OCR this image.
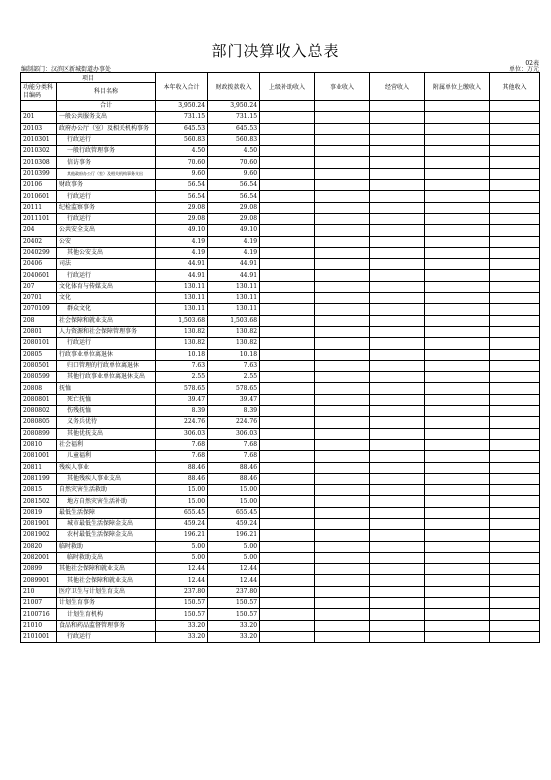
部门决算收入总表
02表
编制部门：汉滨区新城街道办事处	单位：万元
项目		本年收入合计	财政拨款收入	上级补助收入	事业收入	经营收入	附属单位上缴收入	其他收入
功能分类科目编码	科目名称							
	合计	3,950.24	3,950.24					
201	一般公共服务支出	731.15	731.15					
20103	政府办公厅（室）及相关机构事务	645.53	645.53					
2010301	行政运行	560.83	560.83					
2010302	一般行政管理事务	4.50	4.50					
2010308	信访事务	70.60	70.60					
2010399	其他政府办公厅（室）及相关机构事务支出	9.60	9.60					
20106	财政事务	56.54	56.54					
2010601	行政运行	56.54	56.54					
20111	纪检监察事务	29.08	29.08					
2011101	行政运行	29.08	29.08					
204	公共安全支出	49.10	49.10					
20402	公安	4.19	4.19					
2040299	其他公安支出	4.19	4.19					
20406	司法	44.91	44.91					
2040601	行政运行	44.91	44.91					
207	文化体育与传媒支出	130.11	130.11					
20701	文化	130.11	130.11					
2070109	群众文化	130.11	130.11					
208	社会保障和就业支出	1,503.68	1,503.68					
20801	人力资源和社会保障管理事务	130.82	130.82					
2080101	行政运行	130.82	130.82					
20805	行政事业单位离退休	10.18	10.18					
2080501	归口管理的行政单位离退休	7.63	7.63					
2080599	其他行政事业单位离退休支出	2.55	2.55					
20808	抚恤	578.65	578.65					
2080801	死亡抚恤	39.47	39.47					
2080802	伤残抚恤	8.39	8.39					
2080805	义务兵优待	224.76	224.76					
2080899	其他优抚支出	306.03	306.03					
20810	社会福利	7.68	7.68					
2081001	儿童福利	7.68	7.68					
20811	残疾人事业	88.46	88.46					
2081199	其他残疾人事业支出	88.46	88.46					
20815	自然灾害生活救助	15.00	15.00					
2081502	地方自然灾害生活补助	15.00	15.00					
20819	最低生活保障	655.45	655.45					
2081901	城市最低生活保障金支出	459.24	459.24					
2081902	农村最低生活保障金支出	196.21	196.21					
20820	临时救助	5.00	5.00					
2082001	临时救助支出	5.00	5.00					
20899	其他社会保障和就业支出	12.44	12.44					
2089901	其他社会保障和就业支出	12.44	12.44					
210	医疗卫生与计划生育支出	237.80	237.80					
21007	计划生育事务	150.57	150.57					
2100716	计划生育机构	150.57	150.57					
21010	食品和药品监督管理事务	33.20	33.20					
2101001	行政运行	33.20	33.20					
